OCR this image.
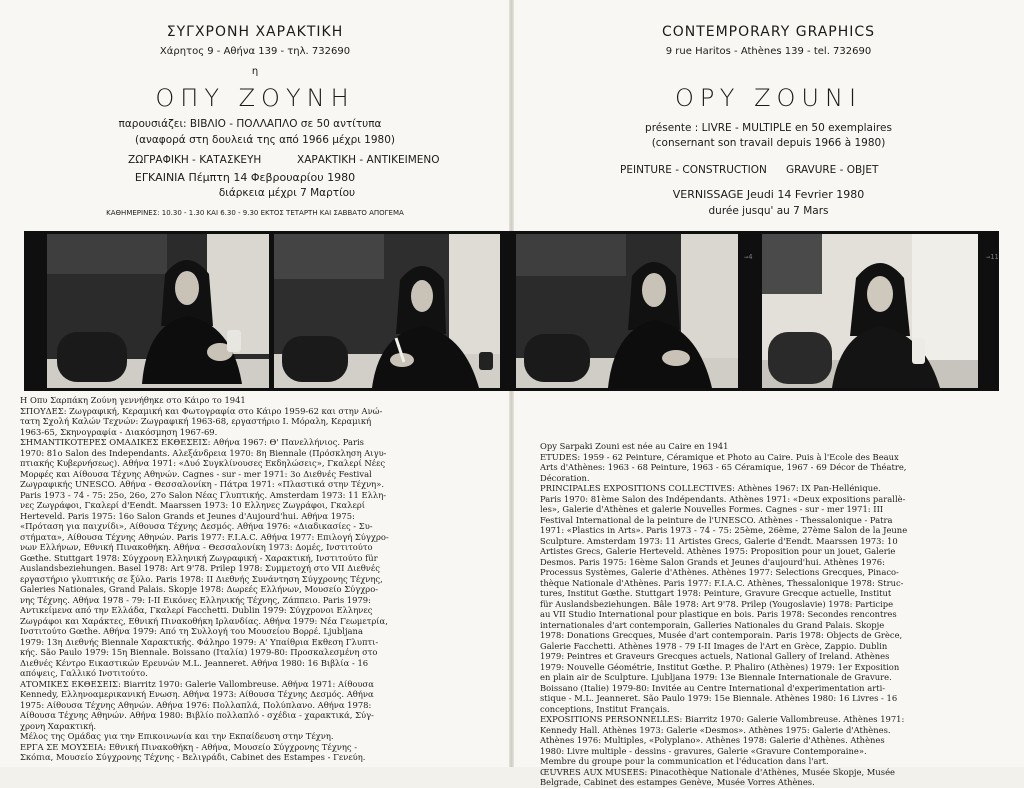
ΣΥΓΧΡΟΝΗ ΧΑΡΑΚΤΙΚΗ
Χάρητος 9 - Αθήνα 139 - τηλ. 732690
η
ΟΠΥ ΖΟΥΝΗ
παρουσιάζει: ΒΙΒΛΙΟ - ΠΟΛΛΑΠΛΟ σε 50 αντίτυπα
(αναφορά στη δουλειά της από 1966 μέχρι 1980)
ΖΩΓΡΑΦΙΚΗ - ΚΑΤΑΣΚΕΥΗ	ΧΑΡΑΚΤΙΚΗ - ΑΝΤΙΚΕΙΜΕΝΟ
ΕΓΚΑΙΝΙΑ Πέμπτη 14 Φεβρουαρίου 1980
διάρκεια μέχρι 7 Μαρτίου
ΚΑΘΗΜΕΡΙΝΕΣ: 10.30 - 1.30 ΚΑΙ 6.30 - 9.30 ΕΚΤΟΣ ΤΕΤΑΡΤΗ ΚΑΙ ΣΑΒΒΑΤΟ ΑΠΟΓΕΜΑ
CONTEMPORARY GRAPHICS
9 rue Haritos - Athènes 139 - tel. 732690
OPY ZOUNI
présente : LIVRE - MULTIPLE en 50 exemplaires
(consernant son travail depuis 1966 à 1980)
PEINTURE - CONSTRUCTION GRAVURE - OBJET
VERNISSAGE Jeudi 14 Fevrier 1980
durée jusqu' au 7 Mars
→4	→11
Η Οπυ Σαρπάκη Ζούνη γεννήθηκε στο Κάιρο το 1941
ΣΠΟΥΔΕΣ: Ζωγραφική, Κεραμική και Φωτογραφία στο Κάιρο 1959-62 και στην Ανώ-
τατη Σχολή Καλών Τεχνών: Ζωγραφική 1963-68, εργαστήριο Ι. Μόραλη, Κεραμική
1963-65, Σκηνογραφία - Διακόσμηση 1967-69.
ΣΗΜΑΝΤΙΚΟΤΕΡΕΣ ΟΜΑΔΙΚΕΣ ΕΚΘΕΣΕΙΣ: Αθήνα 1967: Θ' Πανελλήνιος. Paris
1970: 81o Salon des Independants. Αλεξάνδρεια 1970: 8η Biennale (Πρόσκληση Αιγυ-
πτιακής Κυβερνήσεως). Αθήνα 1971: «Δυό Συγκλίνουσες Εκδηλώσεις», Γκαλερί Νέες
Μορφές και Αίθουσα Τέχνης Αθηνών. Cagnes - sur - mer 1971: 3o Διεθνές Festival
Ζωγραφικής UNESCO. Αθήνα - Θεσσαλονίκη - Πάτρα 1971: «Πλαστικά στην Τέχνη».
Paris 1973 - 74 - 75: 25o, 26o, 27o Salon Νέας Γλυπτικής. Amsterdam 1973: 11 Ελλη-
νες Ζωγράφοι, Γκαλερί d'Eendt. Maarssen 1973: 10 Ελληνες Ζωγράφοι, Γκαλερί
Herteveld. Paris 1975: 16o Salon Grands et Jeunes d'Aujourd'hui. Αθήνα 1975:
«Πρόταση για παιχνίδι», Αίθουσα Τέχνης Δεσμός. Αθήνα 1976: «Διαδικασίες - Συ-
στήματα», Αίθουσα Τέχνης Αθηνών. Paris 1977: F.I.A.C. Αθήνα 1977: Επιλογή Σύγχρο-
νων Ελλήνων, Εθνική Πινακοθήκη. Αθήνα - Θεσσαλονίκη 1973: Δομές, Ινστιτούτο
Gœthe. Stuttgart 1978: Σύγχρονη Ελληνική Ζωγραφική - Χαρακτική, Ινστιτούτο für
Auslandsbeziehungen. Basel 1978: Art 9'78. Prilep 1978: Συμμετοχή στο VII Διεθνές
εργαστήριο γλυπτικής σε ξύλο. Paris 1978: ΙΙ Διεθνής Συνάντηση Σύγχρονης Τέχνης,
Galeries Nationales, Grand Palais. Skopje 1978: Δωρεές Ελλήνων, Μουσείο Σύγχρο-
νης Τέχνης. Αθήνα 1978 - 79: Ι-ΙΙ Εικόνες Ελληνικής Τέχνης, Ζάππειο. Paris 1979:
Αντικείμενα από την Ελλάδα, Γκαλερί Facchetti. Dublin 1979: Σύγχρονοι Ελληνες
Ζωγράφοι και Χαράκτες, Εθνική Πινακοθήκη Ιρλανδίας. Αθήνα 1979: Νέα Γεωμετρία,
Ινστιτούτο Gœthe. Αθήνα 1979: Από τη Συλλογή του Μουσείου Βορρέ. Ljubljana
1979: 13η Διεθνής Biennale Χαρακτικής. Φάληρο 1979: Α' Υπαίθρια Εκθεση Γλυπτι-
κής. São Paulo 1979: 15η Biennale. Boissano (Ιταλία) 1979-80: Προσκαλεσμένη στο
Διεθνές Κέντρο Εικαστικών Ερευνών M.L. Jeanneret. Αθήνα 1980: 16 Βιβλία - 16
απόψεις, Γαλλικό Ινστιτούτο.
ΑΤΟΜΙΚΕΣ ΕΚΘΕΣΕΙΣ: Biarritz 1970: Galerie Vallombreuse. Αθήνα 1971: Αίθουσα
Kennedy, Ελληνοαμερικανική Ενωση. Αθήνα 1973: Αίθουσα Τέχνης Δεσμός. Αθήνα
1975: Αίθουσα Τέχνης Αθηνών. Αθήνα 1976: Πολλαπλά, Πολύπλανο. Αθήνα 1978:
Αίθουσα Τέχνης Αθηνών. Αθήνα 1980: Βιβλίο πολλαπλό - σχέδια - χαρακτικά, Σύγ-
χρονη Χαρακτική.
Μέλος της Ομάδας για την Επικοινωνία και την Εκπαίδευση στην Τέχνη.
ΕΡΓΑ ΣΕ ΜΟΥΣΕΙΑ: Εθνική Πινακοθήκη - Αθήνα, Μουσείο Σύγχρονης Τέχνης -
Σκόπια, Μουσείο Σύγχρονης Τέχνης - Βελιγράδι, Cabinet des Estampes - Γενεύη.
Opy Sarpaki Zouni est née au Caire en 1941
ETUDES: 1959 - 62 Peinture, Céramique et Photo au Caire. Puis à l'Ecole des Beaux
Arts d'Athènes: 1963 - 68 Peinture, 1963 - 65 Céramique, 1967 - 69 Décor de Théatre,
Décoration.
PRINCIPALES EXPOSITIONS COLLECTIVES: Athènes 1967: IX Pan-Hellénique.
Paris 1970: 81ème Salon des Indépendants. Athènes 1971: «Deux expositions parallè-
les», Galerie d'Athènes et galerie Nouvelles Formes. Cagnes - sur - mer 1971: III
Festival International de la peinture de l'UNESCO. Athènes - Thessalonique - Patra
1971: «Plastics in Arts». Paris 1973 - 74 - 75: 25ème, 26ème, 27ème Salon de la Jeune
Sculpture. Amsterdam 1973: 11 Artistes Grecs, Galerie d'Eendt. Maarssen 1973: 10
Artistes Grecs, Galerie Herteveld. Athènes 1975: Proposition pour un jouet, Galerie
Desmos. Paris 1975: 16ème Salon Grands et Jeunes d'aujourd'hui. Athènes 1976:
Processus Systèmes, Galerie d'Athènes. Athènes 1977: Selections Grecques, Pinaco-
thèque Nationale d'Athènes. Paris 1977: F.I.A.C. Athènes, Thessalonique 1978: Struc-
tures, Institut Gœthe. Stuttgart 1978: Peinture, Gravure Grecque actuelle, Institut
für Auslandsbeziehungen. Bâle 1978: Art 9'78. Prilep (Yougoslavie) 1978: Participe
au VII Studio International pour plastique en bois. Paris 1978: Secondes rencontres
internationales d'art contemporain, Galleries Nationales du Grand Palais. Skopje
1978: Donations Grecques, Musée d'art contemporain. Paris 1978: Objects de Grèce,
Galerie Facchetti. Athènes 1978 - 79 I-II Images de l'Art en Grèce, Zappio. Dublin
1979: Peintres et Graveurs Grecques actuels, National Gallery of Ireland. Athènes
1979: Nouvelle Géométrie, Institut Gœthe. P. Phaliro (Athènes) 1979: 1er Exposition
en plain air de Sculpture. Ljubljana 1979: 13e Biennale Internationale de Gravure.
Boissano (Italie) 1979-80: Invitée au Centre International d'experimentation arti-
stique - M.L. Jeanneret. São Paulo 1979: 15e Biennale. Athènes 1980: 16 Livres - 16
conceptions, Institut Français.
EXPOSITIONS PERSONNELLES: Biarritz 1970: Galerie Vallombreuse. Athènes 1971:
Kennedy Hall. Athènes 1973: Galerie «Desmos». Athènes 1975: Galerie d'Athènes.
Athènes 1976: Multiples, «Polyplano». Athènes 1978: Galerie d'Athènes. Athènes
1980: Livre multiple - dessins - gravures, Galerie «Gravure Contemporaine».
Membre du groupe pour la communication et l'éducation dans l'art.
ŒUVRES AUX MUSEES: Pinacothèque Nationale d'Athènes, Musée Skopje, Musée
Belgrade, Cabinet des estampes Genève, Musée Vorres Athènes.
